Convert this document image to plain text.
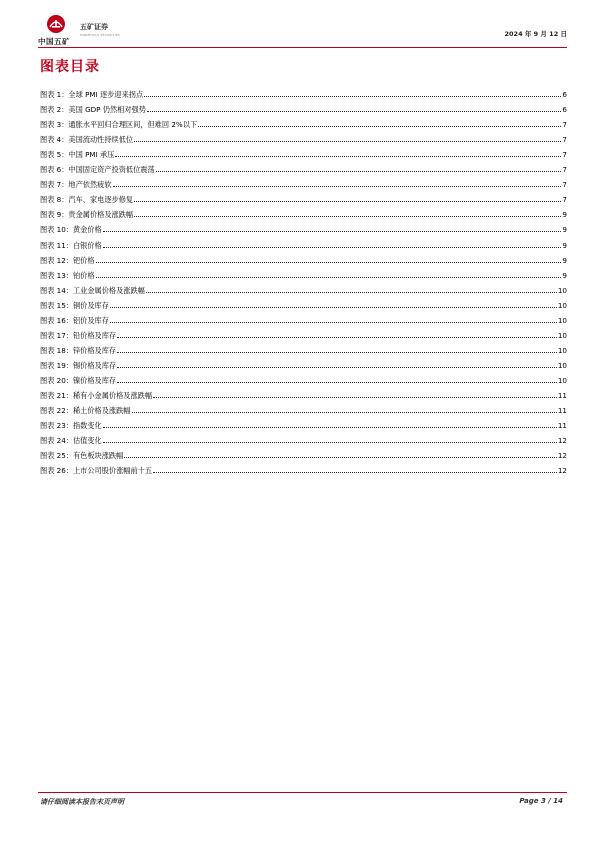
中国五矿
五矿证券
MINMETALS SECURITIES	2024 年 9 月 12 日
图表目录
图表 1：全球 PMI 逐步迎来拐点	6
图表 2：美国 GDP 仍然相对强势	6
图表 3：通胀水平回归合理区间，但难回 2%以下	7
图表 4：美国流动性持续低位	7
图表 5：中国 PMI 承压	7
图表 6：中国固定资产投资低位震荡	7
图表 7：地产依然疲软	7
图表 8：汽车、家电逐步修复	7
图表 9：贵金属价格及涨跌幅	9
图表 10：黄金价格	9
图表 11：白银价格	9
图表 12：钯价格	9
图表 13：铂价格	9
图表 14：工业金属价格及涨跌幅	10
图表 15：铜价及库存	10
图表 16：铝价及库存	10
图表 17：铅价格及库存	10
图表 18：锌价格及库存	10
图表 19：锡价格及库存	10
图表 20：镍价格及库存	10
图表 21：稀有小金属价格及涨跌幅	11
图表 22：稀土价格及涨跌幅	11
图表 23：指数变化	11
图表 24：估值变化	12
图表 25：有色板块涨跌幅	12
图表 26：上市公司股价涨幅前十五	12
请仔细阅读本报告末页声明	Page 3 / 14
